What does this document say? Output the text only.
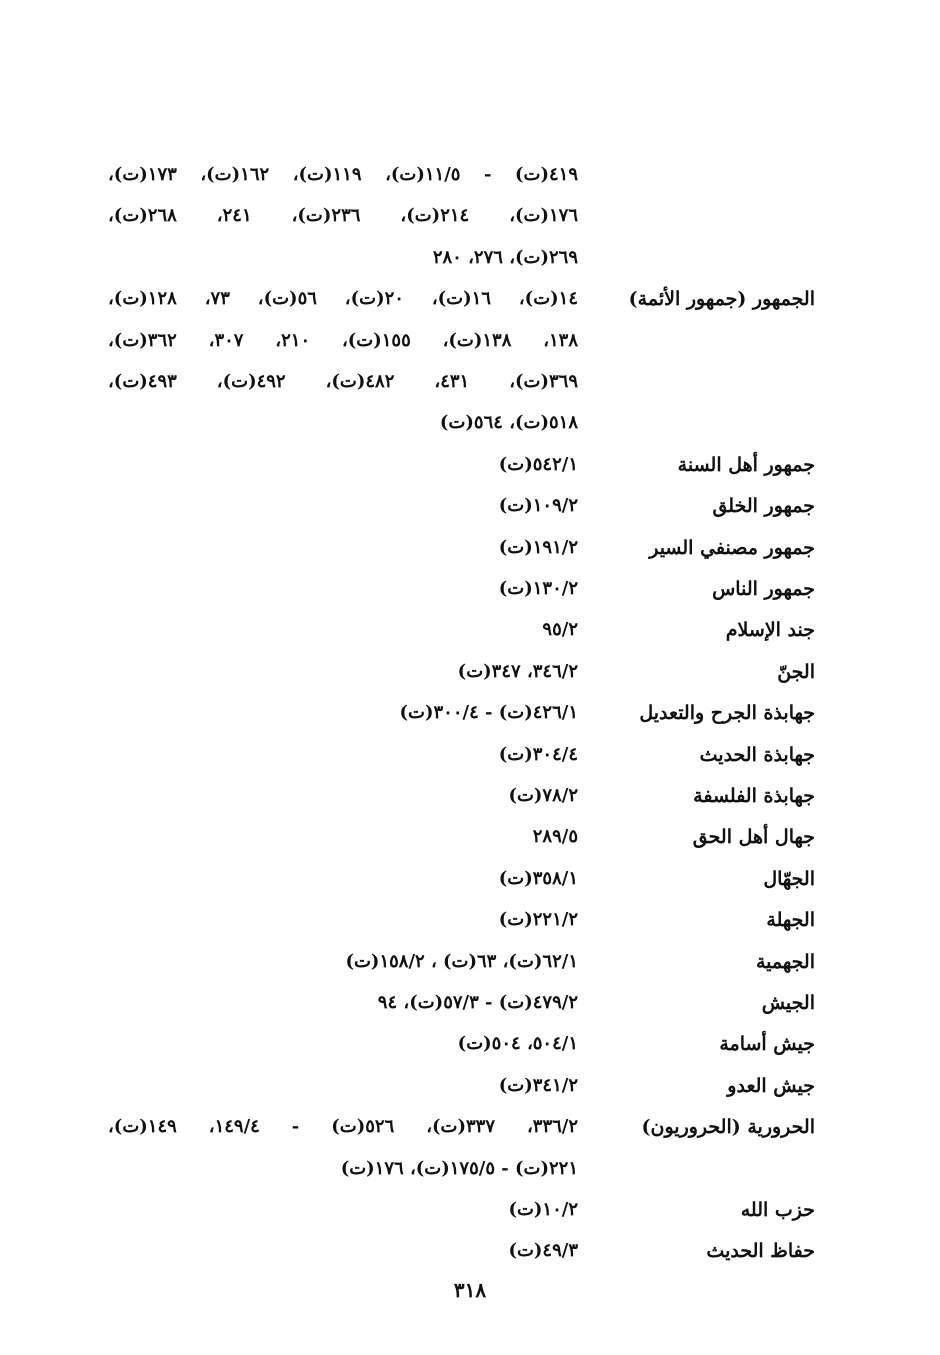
٤١٩(ت) - ١١/٥(ت)، ١١٩(ت)، ١٦٢(ت)، ١٧٣(ت)،
١٧٦(ت)، ٢١٤(ت)، ٢٣٦(ت)، ٢٤١، ٢٦٨(ت)،
٢٦٩(ت)، ٢٧٦، ٢٨٠
الجمهور (جمهور الأئمة)
١٤(ت)، ١٦(ت)، ٢٠(ت)، ٥٦(ت)، ٧٣، ١٢٨(ت)،
١٣٨، ١٣٨(ت)، ١٥٥(ت)، ٢١٠، ٣٠٧، ٣٦٢(ت)،
٣٦٩(ت)، ٤٣١، ٤٨٢(ت)، ٤٩٢(ت)، ٤٩٣(ت)،
٥١٨(ت)، ٥٦٤(ت)
جمهور أهل السنة
٥٤٢/١(ت)
جمهور الخلق
١٠٩/٢(ت)
جمهور مصنفي السير
١٩١/٢(ت)
جمهور الناس
١٣٠/٢(ت)
جند الإسلام
٩٥/٢
الجنّ
٣٤٦/٢، ٣٤٧(ت)
جهابذة الجرح والتعديل
٤٢٦/١(ت) - ٣٠٠/٤(ت)
جهابذة الحديث
٣٠٤/٤(ت)
جهابذة الفلسفة
٧٨/٢(ت)
جهال أهل الحق
٢٨٩/٥
الجهّال
٣٥٨/١(ت)
الجهلة
٢٢١/٢(ت)
الجهمية
٦٢/١(ت)، ٦٣(ت) ، ١٥٨/٢(ت)
الجيش
٤٧٩/٢(ت) - ٥٧/٣(ت)، ٩٤
جيش أسامة
٥٠٤/١، ٥٠٤(ت)
جيش العدو
٣٤١/٢(ت)
الحرورية (الحروريون)
٣٣٦/٢، ٣٣٧(ت)، ٥٢٦(ت) - ١٤٩/٤، ١٤٩(ت)،
٢٢١(ت) - ١٧٥/٥(ت)، ١٧٦(ت)
حزب الله
١٠/٢(ت)
حفاظ الحديث
٤٩/٣(ت)
٣١٨
